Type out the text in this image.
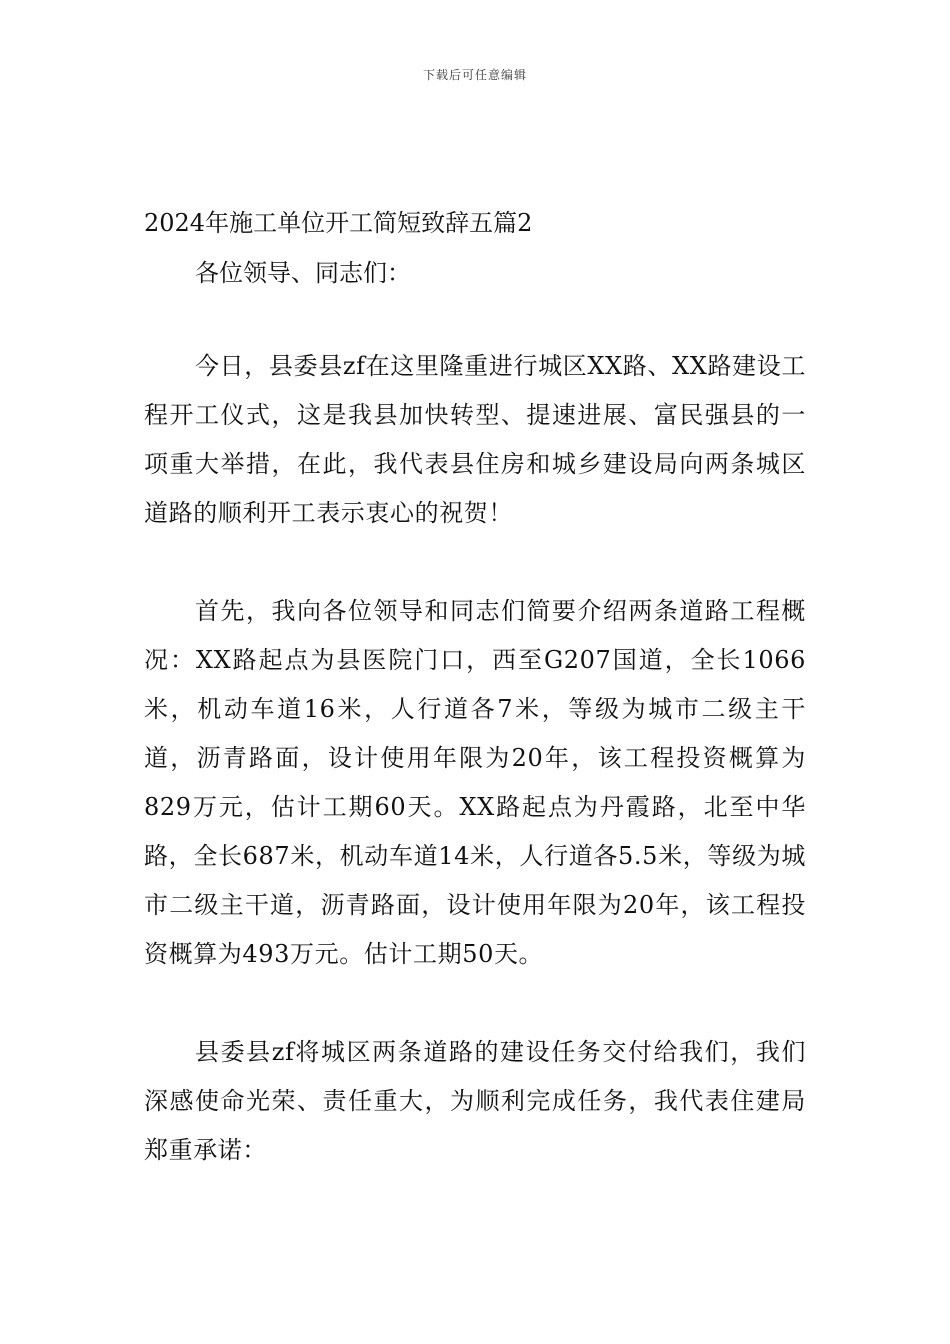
下载后可任意编辑
2024年施工单位开工简短致辞五篇2

各位领导、同志们：

今日，县委县zf在这里隆重进行城区XX路、XX路建设工程开工仪式，这是我县加快转型、提速进展、富民强县的一项重大举措，在此，我代表县住房和城乡建设局向两条城区道路的顺利开工表示衷心的祝贺！

首先，我向各位领导和同志们简要介绍两条道路工程概况：XX路起点为县医院门口，西至G207国道，全长1066米，机动车道16米，人行道各7米，等级为城市二级主干道，沥青路面，设计使用年限为20年，该工程投资概算为829万元，估计工期60天。XX路起点为丹霞路，北至中华路，全长687米，机动车道14米，人行道各5.5米，等级为城市二级主干道，沥青路面，设计使用年限为20年，该工程投资概算为493万元。估计工期50天。

县委县zf将城区两条道路的建设任务交付给我们，我们深感使命光荣、责任重大，为顺利完成任务，我代表住建局郑重承诺：
